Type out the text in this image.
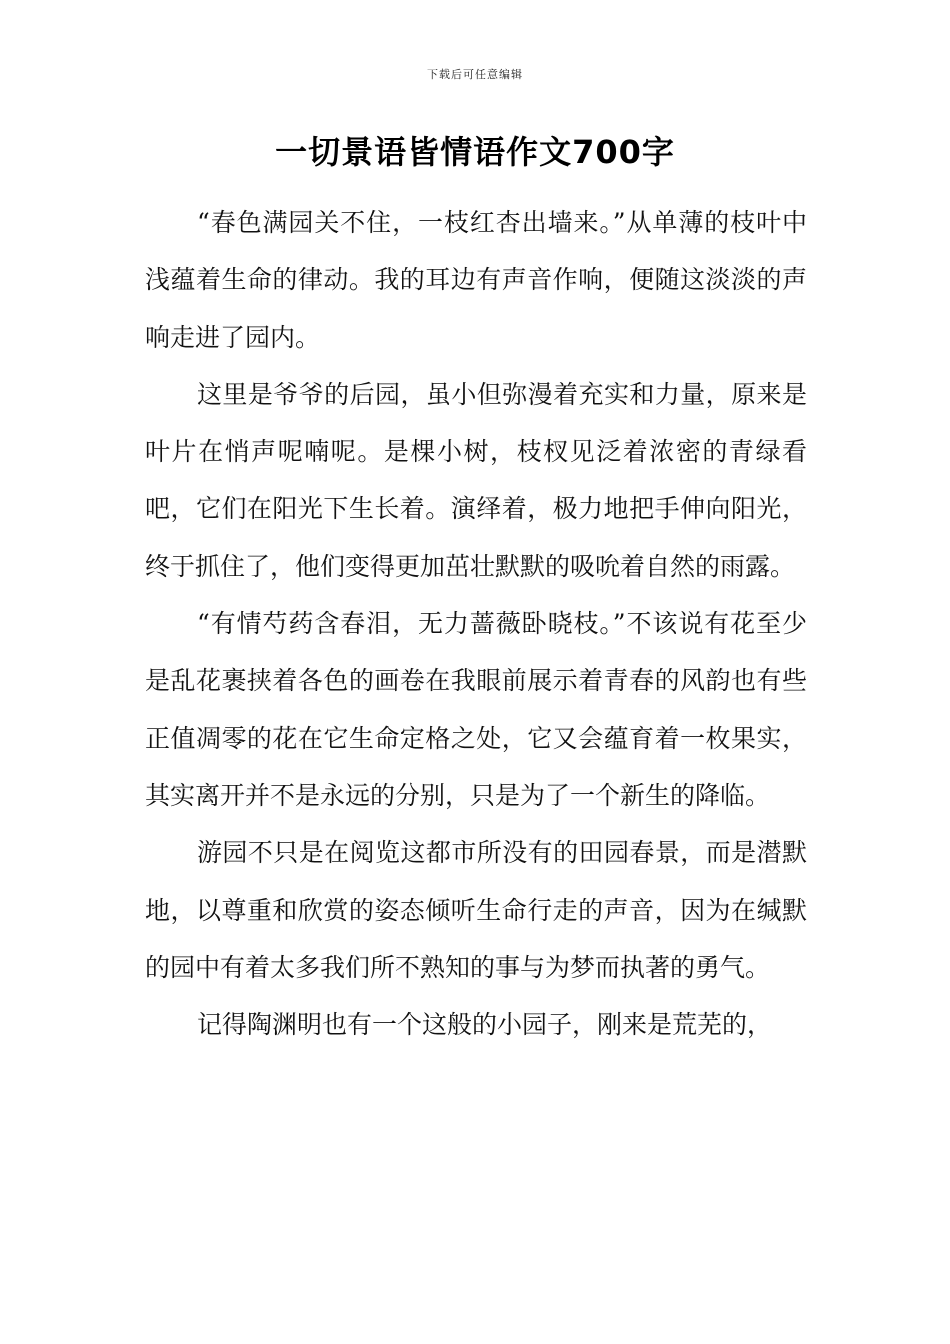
下载后可任意编辑
一切景语皆情语作文700字

“春色满园关不住，一枝红杏出墙来。”从单薄的枝叶中浅蕴着生命的律动。我的耳边有声音作响，便随这淡淡的声响走进了园内。

这里是爷爷的后园，虽小但弥漫着充实和力量，原来是叶片在悄声呢喃呢。是棵小树，枝杈见泛着浓密的青绿看吧，它们在阳光下生长着。演绎着，极力地把手伸向阳光，终于抓住了，他们变得更加茁壮默默的吸吮着自然的雨露。

“有情芍药含春泪，无力蔷薇卧晓枝。”不该说有花至少是乱花裹挟着各色的画卷在我眼前展示着青春的风韵也有些正值凋零的花在它生命定格之处，它又会蕴育着一枚果实，其实离开并不是永远的分别，只是为了一个新生的降临。

游园不只是在阅览这都市所没有的田园春景，而是潜默地，以尊重和欣赏的姿态倾听生命行走的声音，因为在缄默的园中有着太多我们所不熟知的事与为梦而执著的勇气。

记得陶渊明也有一个这般的小园子，刚来是荒芜的，
